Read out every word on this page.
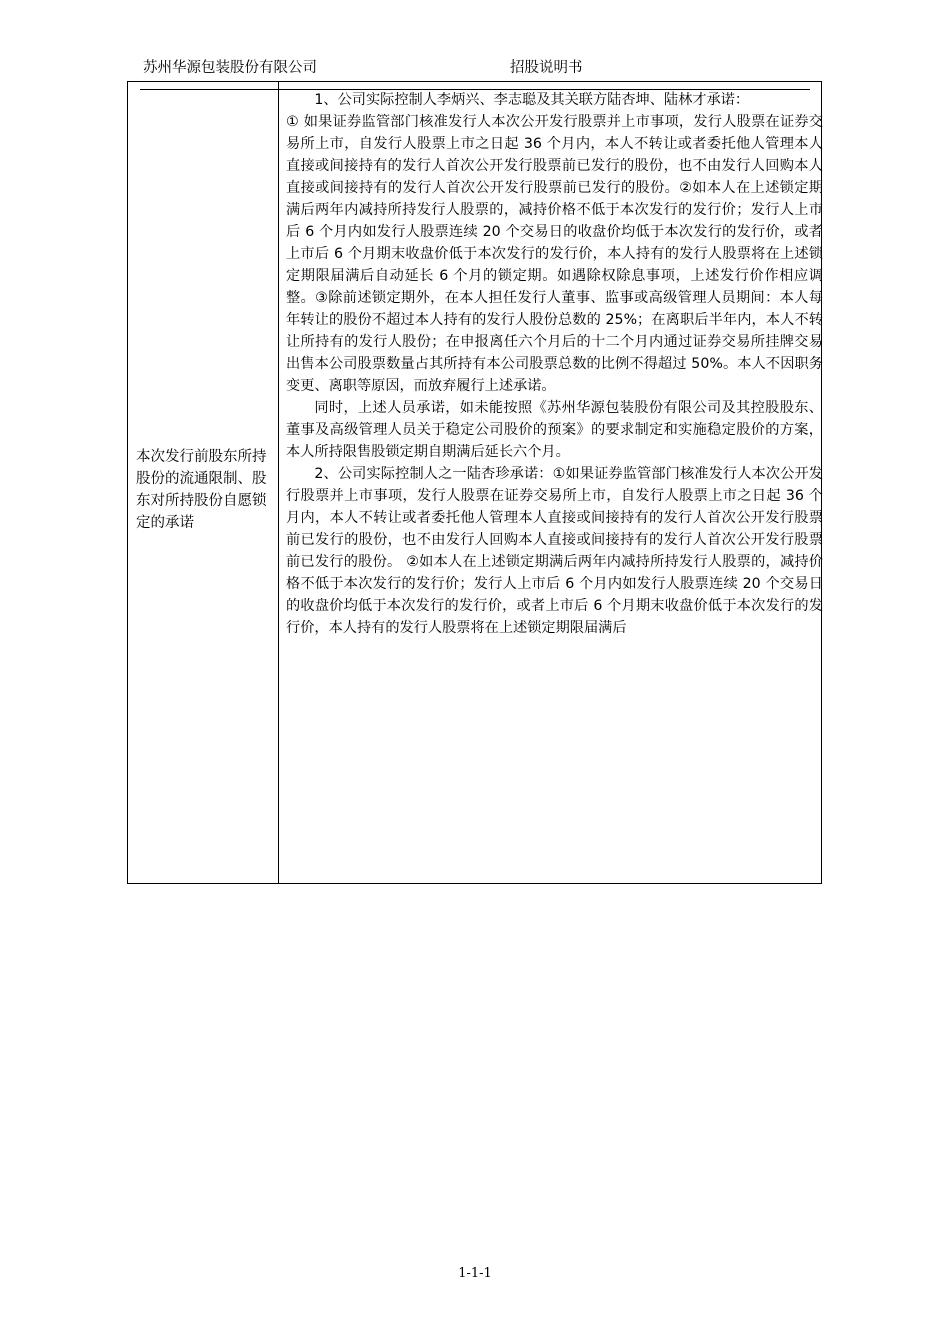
苏州华源包装股份有限公司	招股说明书
本次发行前股东所持股份的流通限制、股东对所持股份自愿锁定的承诺

1、公司实际控制人李炳兴、李志聪及其关联方陆杏坤、陆林才承诺：

① 如果证券监管部门核准发行人本次公开发行股票并上市事项，发行人股票在证券交易所上市，自发行人股票上市之日起 36 个月内，本人不转让或者委托他人管理本人直接或间接持有的发行人首次公开发行股票前已发行的股份，也不由发行人回购本人直接或间接持有的发行人首次公开发行股票前已发行的股份。②如本人在上述锁定期满后两年内减持所持发行人股票的，减持价格不低于本次发行的发行价；发行人上市后 6 个月内如发行人股票连续 20 个交易日的收盘价均低于本次发行的发行价，或者上市后 6 个月期末收盘价低于本次发行的发行价，本人持有的发行人股票将在上述锁定期限届满后自动延长 6 个月的锁定期。如遇除权除息事项，上述发行价作相应调整。③除前述锁定期外，在本人担任发行人董事、监事或高级管理人员期间：本人每年转让的股份不超过本人持有的发行人股份总数的 25%；在离职后半年内，本人不转让所持有的发行人股份；在申报离任六个月后的十二个月内通过证券交易所挂牌交易出售本公司股票数量占其所持有本公司股票总数的比例不得超过 50%。本人不因职务变更、离职等原因，而放弃履行上述承诺。

同时，上述人员承诺，如未能按照《苏州华源包装股份有限公司及其控股股东、董事及高级管理人员关于稳定公司股价的预案》的要求制定和实施稳定股价的方案，本人所持限售股锁定期自期满后延长六个月。

2、公司实际控制人之一陆杏珍承诺：①如果证券监管部门核准发行人本次公开发行股票并上市事项，发行人股票在证券交易所上市，自发行人股票上市之日起 36 个月内，本人不转让或者委托他人管理本人直接或间接持有的发行人首次公开发行股票前已发行的股份，也不由发行人回购本人直接或间接持有的发行人首次公开发行股票前已发行的股份。 ②如本人在上述锁定期满后两年内减持所持发行人股票的，减持价格不低于本次发行的发行价；发行人上市后 6 个月内如发行人股票连续 20 个交易日的收盘价均低于本次发行的发行价，或者上市后 6 个月期末收盘价低于本次发行的发行价，本人持有的发行人股票将在上述锁定期限届满后

1-1-1
